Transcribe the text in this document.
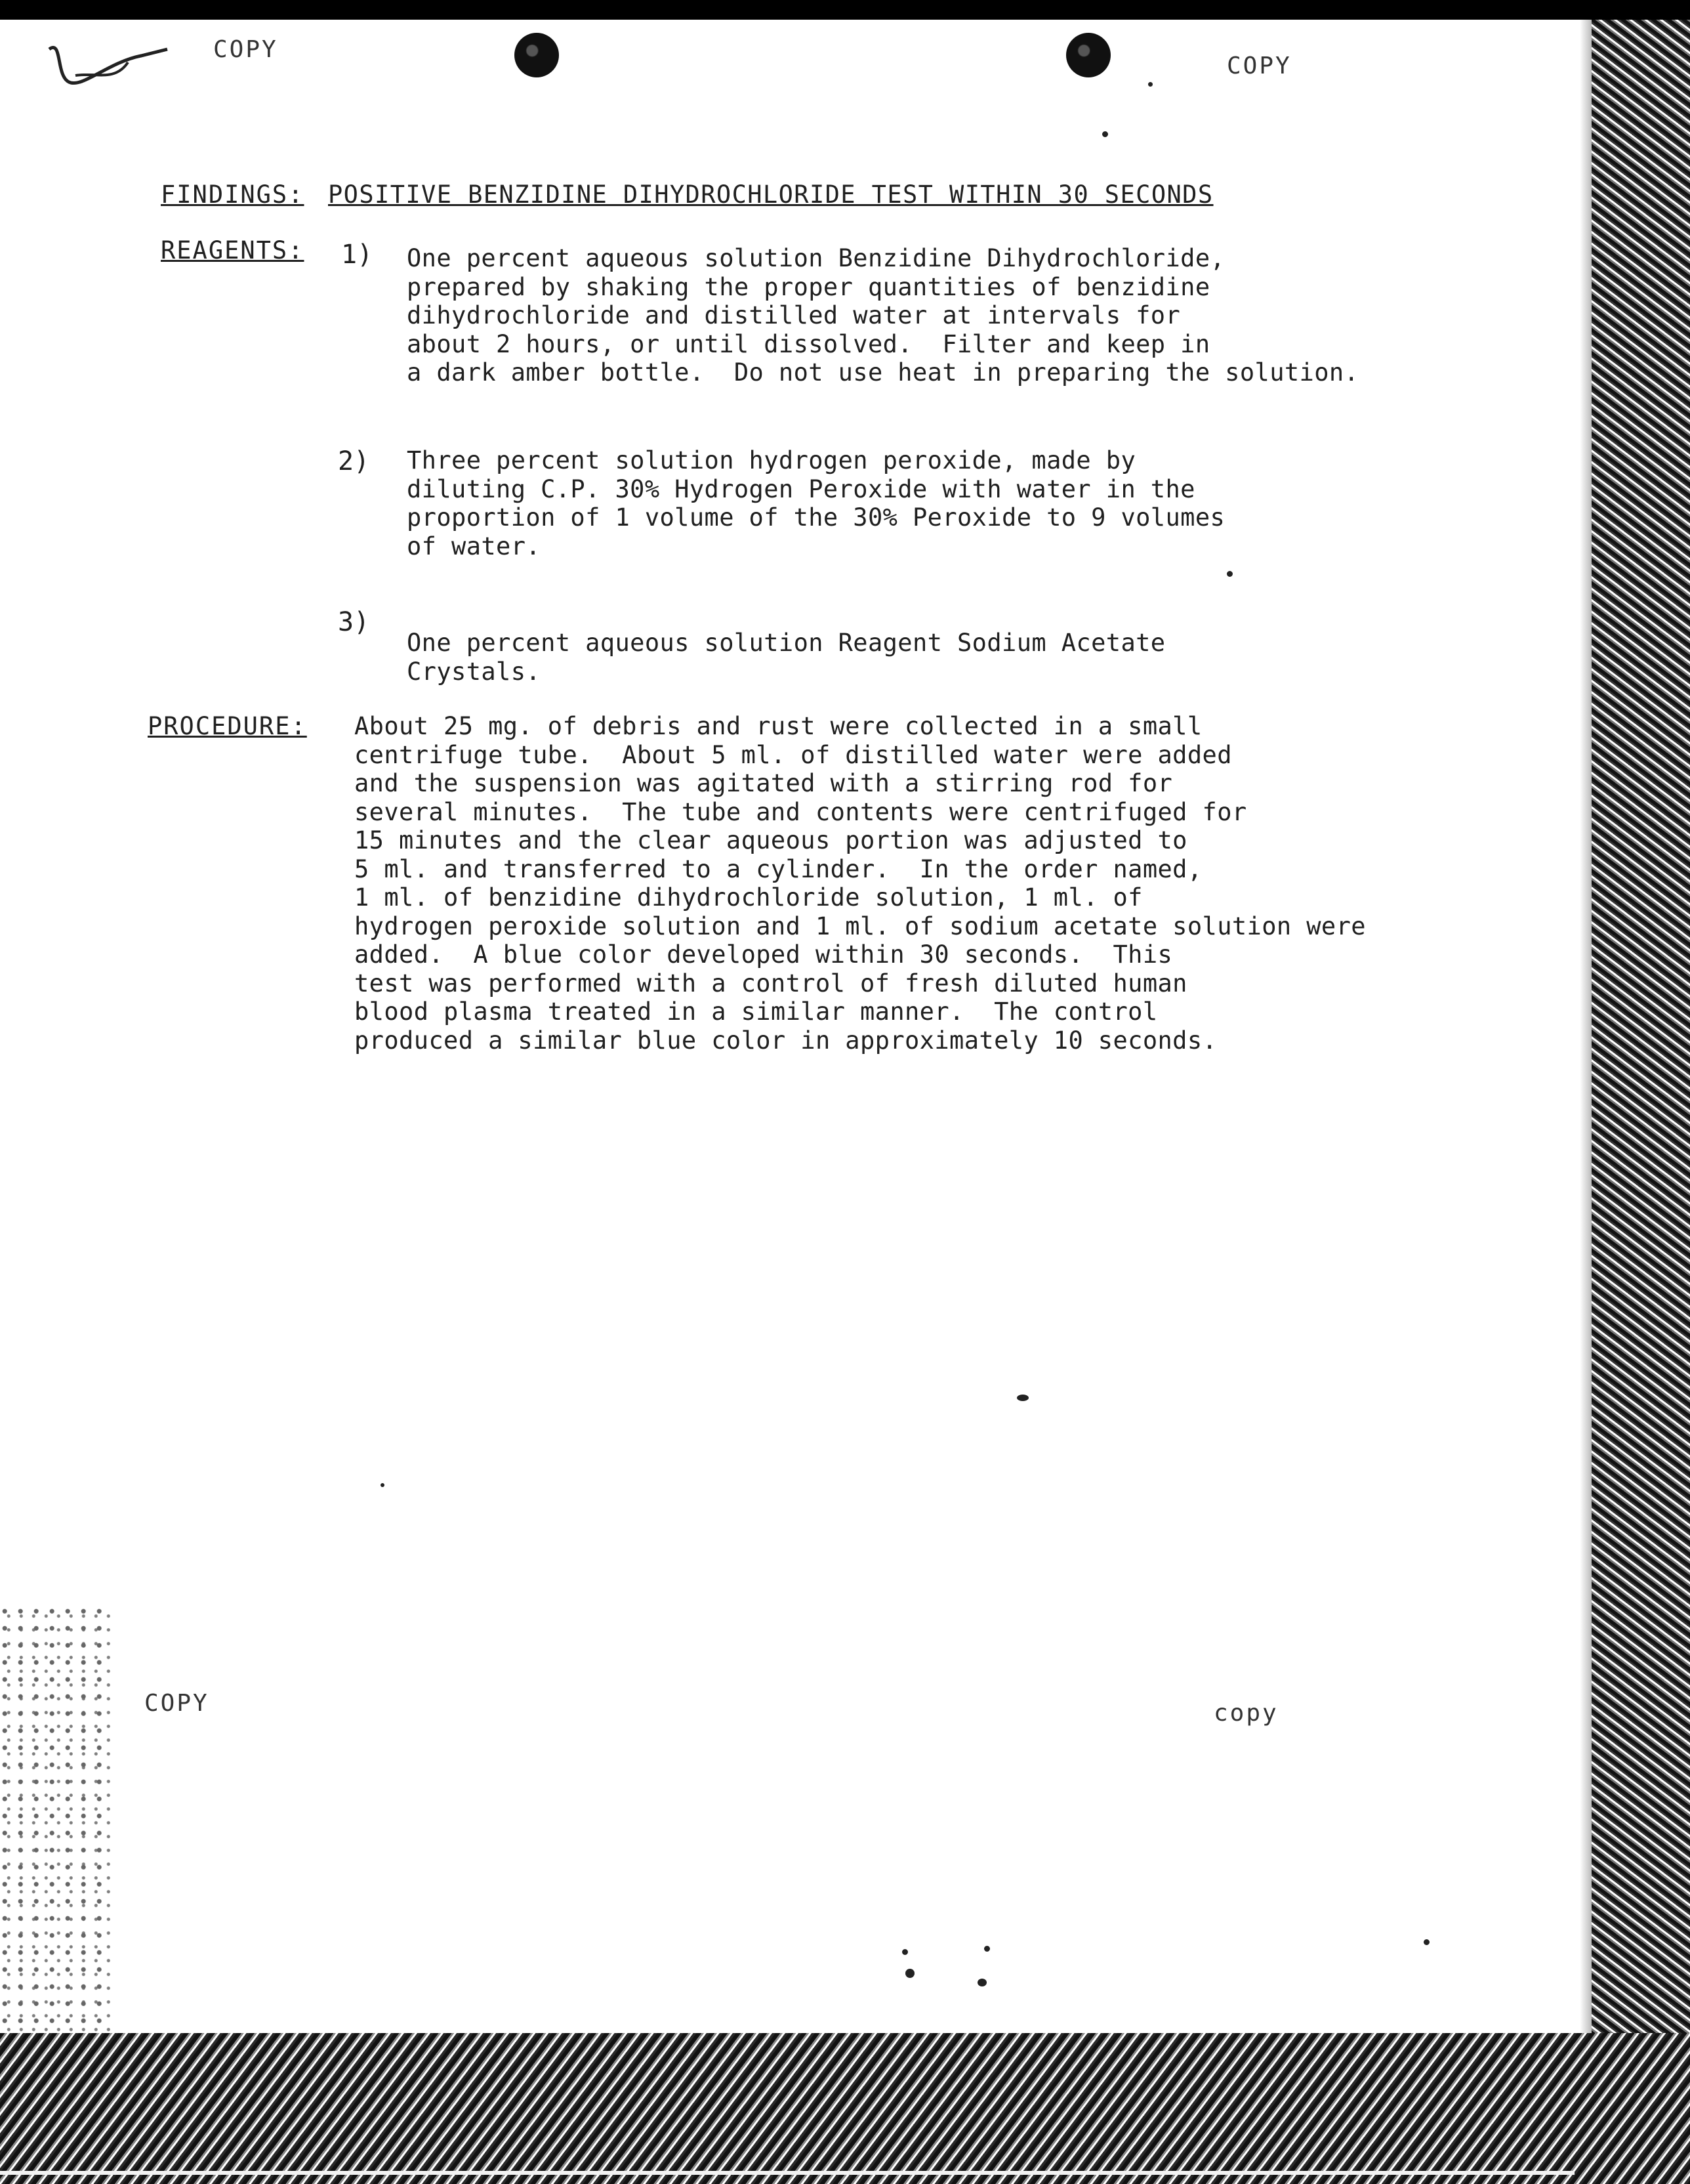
COPY
COPY
FINDINGS: POSITIVE BENZIDINE DIHYDROCHLORIDE TEST WITHIN 30 SECONDS
REAGENTS: 1) One percent aqueous solution Benzidine Dihydrochloride,
prepared by shaking the proper quantities of benzidine
dihydrochloride and distilled water at intervals for
about 2 hours, or until dissolved.  Filter and keep in
a dark amber bottle.  Do not use heat in preparing the solution.
2) Three percent solution hydrogen peroxide, made by
diluting C.P. 30% Hydrogen Peroxide with water in the
proportion of 1 volume of the 30% Peroxide to 9 volumes
of water.
3)
One percent aqueous solution Reagent Sodium Acetate
Crystals.
PROCEDURE: About 25 mg. of debris and rust were collected in a small
centrifuge tube.  About 5 ml. of distilled water were added
and the suspension was agitated with a stirring rod for
several minutes.  The tube and contents were centrifuged for
15 minutes and the clear aqueous portion was adjusted to
5 ml. and transferred to a cylinder.  In the order named,
1 ml. of benzidine dihydrochloride solution, 1 ml. of
hydrogen peroxide solution and 1 ml. of sodium acetate solution were
added.  A blue color developed within 30 seconds.  This
test was performed with a control of fresh diluted human
blood plasma treated in a similar manner.  The control
produced a similar blue color in approximately 10 seconds.
COPY	copy
